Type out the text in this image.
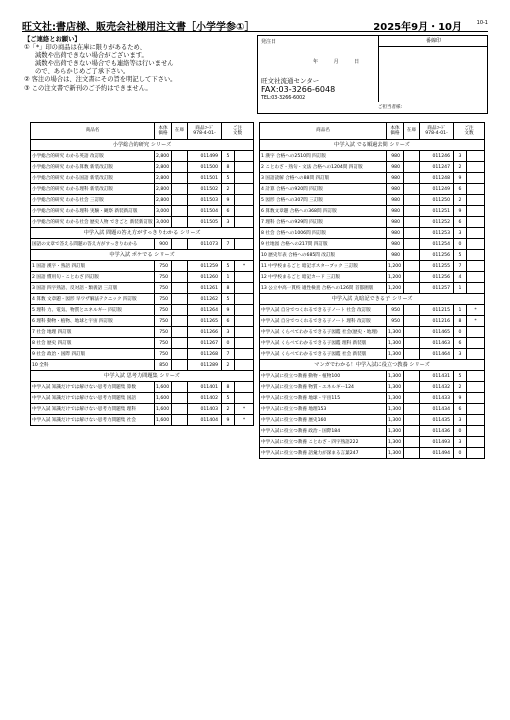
旺文社:書店様、販売会社様用注文書［小学学参①］	2025年9月・10月	10-1
【ご連絡とお願い】
①「*」印の商品は在庫に限りがあるため、
減数や出荷できない場合がございます。
減数や出荷できない場合でも連絡等は行いません
ので、あらかじめご了承下さい。
② 客注の場合は、注文書にその旨を明記して下さい。
③ この注文書で新刊のご予約はできません。
発注日
年 月 日
番線印
旺文社流通センター
FAX:03-3266-6048
TEL:03-3266-6002
ご担当者様:
商品名	本体
価格	在庫	商品ｺｰﾄﾞ
978-4-01-	ご注
文数	
小学総合的研究 シリーズ					
小学総合的研究 わかる英語 改訂版	2,800		011499	5	
小学総合的研究 わかる算数 新装改訂版	2,800		011500	8	
小学総合的研究 わかる国語 新装改訂版	2,800		011501	5	
小学総合的研究 わかる理科 新装改訂版	2,800		011502	2	
小学総合的研究 わかる社会 三訂版	2,800		011503	9	
小学総合的研究 わかる理科 実験・観察 新装新訂版	3,000		011504	6	
小学総合的研究 わかる社会 歴史人物 できごと 新装新訂版	3,000		011505	3	
中学入試 問題の答え方がすっきりわかる シリーズ					
国語の文章で答える問題の答え方がすっきりわかる	900		011073	7	
中学入試 ポケでる シリーズ					
1 国語 漢字・熟語 四訂版	750		011259	5	*
2 国語 慣用句・ことわざ 四訂版	750		011260	1	
3 国語 四字熟語、反対語・類義語 三訂版	750		011261	8	
4 算数 文章題・図形 早ワザ解法テクニック 四訂版	750		011262	5	
5 理科 力、電気、物質とエネルギー 四訂版	750		011264	9	
6 理科 動物・植物、地球と宇宙 四訂版	750		011265	6	
7 社会 地理 四訂版	750		011266	3	
8 社会 歴史 四訂版	750		011267	0	
9 社会 政治・国際 四訂版	750		011268	7	
10 全科	850		011289	2	
中学入試 思考力問題集 シリーズ					
中学入試 知識だけでは解けない思考力問題集 算数	1,600		011401	8	
中学入試 知識だけでは解けない思考力問題集 国語	1,600		011402	5	
中学入試 知識だけでは解けない思考力問題集 理科	1,600		011403	2	*
中学入試 知識だけでは解けない思考力問題集 社会	1,600		011404	9	*
商品名	本体
価格	在庫	商品ｺｰﾄﾞ
978-4-01-	ご注
文数	
中学入試 でる順過去問 シリーズ					
1 漢字 合格への2510問 四訂版	980		011246	3	
2 ことわざ・熟句・文法 合格への1204問 四訂版	980		011247	2	
3 国語読解 合格への88問 四訂版	980		011248	9	
4 計算 合格への920問 四訂版	980		011249	6	
5 図形 合格への307問 三訂版	980		011250	2	
6 算数文章題 合格への368問 四訂版	980		011251	9	
7 理科 合格への929問 四訂版	980		011252	6	
8 社会 合格への1006問 四訂版	980		011253	3	
9 社地図 合格への217問 四訂版	980		011254	0	
10 歴史年表 合格への685問 改訂版	980		011256	5	
11 中学校まるごと 暗記ポスターブック 三訂版	1,200		011255	7	
12 中学校まるごと 暗記カード 三訂版	1,200		011256	4	
13 公立中高一貫校 適性検査 合格への126問 首都圏版	1,200		011257	1	
中学入試 丸暗記できる子 シリーズ					
中学入試 自分でつくれるできる子ノート 社会 改訂版	950		011215	1	*
中学入試 自分でつくれるできる子ノート 理科 改訂版	950		011216	8	*
中学入試 くらべてわかるできる子図鑑 社会(歴史・地理)	1,300		011465	0	
中学入試 くらべてわかるできる子図鑑 理科 新装版	1,300		011463	6	
中学入試 くらべてわかるできる子図鑑 社会 新装版	1,300		011464	3	
マンガでわかる！中学入試に役立つ教養 シリーズ					
中学入試に役立つ教養 動物・植物100	1,300		011431	5	
中学入試に役立つ教養 物質・エネルギー124	1,300		011432	2	
中学入試に役立つ教養 地球・宇宙115	1,300		011433	9	
中学入試に役立つ教養 地理153	1,300		011434	6	
中学入試に役立つ教養 歴史160	1,300		011435	3	
中学入試に役立つ教養 政治・国際184	1,300		011436	0	
中学入試に役立つ教養 ことわざ・四字熟語222	1,300		011493	3	
中学入試に役立つ教養 語彙力が深まる言葉247	1,300		011494	0	
